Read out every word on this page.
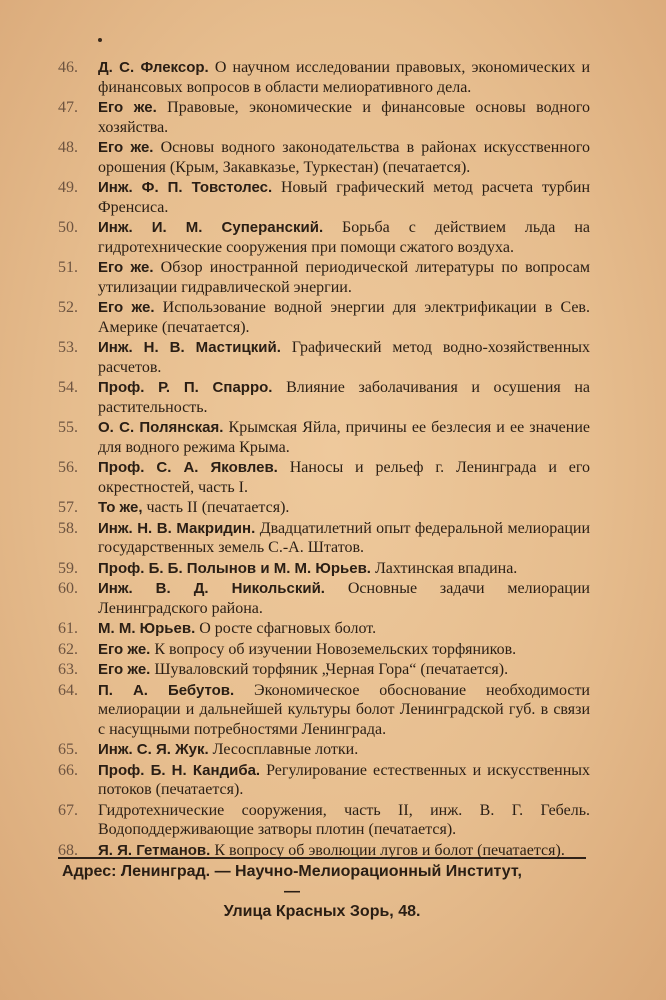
46.	Д. С. Флексор. О научном исследовании правовых, экономических и финансовых вопросов в области мелиоративного дела.
47.	Его же. Правовые, экономические и финансовые основы водного хозяйства.
48.	Его же. Основы водного законодательства в районах искусственного орошения (Крым, Закавказье, Туркестан) (печатается).
49.	Инж. Ф. П. Товстолес. Новый графический метод расчета турбин Френсиса.
50.	Инж. И. М. Суперанский. Борьба с действием льда на гидротехнические сооружения при помощи сжатого воздуха.
51.	Его же. Обзор иностранной периодической литературы по вопросам утилизации гидравлической энергии.
52.	Его же. Использование водной энергии для электрификации в Сев. Америке (печатается).
53.	Инж. Н. В. Мастицкий. Графический метод водно-хозяйственных расчетов.
54.	Проф. Р. П. Спарро. Влияние заболачивания и осушения на растительность.
55.	О. С. Полянская. Крымская Яйла, причины ее безлесия и ее значение для водного режима Крыма.
56.	Проф. С. А. Яковлев. Наносы и рельеф г. Ленинграда и его окрестностей, часть I.
57.	То же, часть II (печатается).
58.	Инж. Н. В. Макридин. Двадцатилетний опыт федеральной мелиорации государственных земель С.-А. Штатов.
59.	Проф. Б. Б. Полынов и М. М. Юрьев. Лахтинская впадина.
60.	Инж. В. Д. Никольский. Основные задачи мелиорации Ленинградского района.
61.	М. М. Юрьев. О росте сфагновых болот.
62.	Его же. К вопросу об изучении Новоземельских торфяников.
63.	Его же. Шуваловский торфяник „Черная Гора“ (печатается).
64.	П. А. Бебутов. Экономическое обоснование необходимости мелиорации и дальнейшей культуры болот Ленинградской губ. в связи с насущными потребностями Ленинграда.
65.	Инж. С. Я. Жук. Лесосплавные лотки.
66.	Проф. Б. Н. Кандиба. Регулирование естественных и искусственных потоков (печатается).
67.	Гидротехнические сооружения, часть II, инж. В. Г. Гебель. Водоподдерживающие затворы плотин (печатается).
68.	Я. Я. Гетманов. К вопросу об эволюции лугов и болот (печатается).
Адрес: Ленинград. — Научно-Мелиорационный Институт,—
Улица Красных Зорь, 48.
